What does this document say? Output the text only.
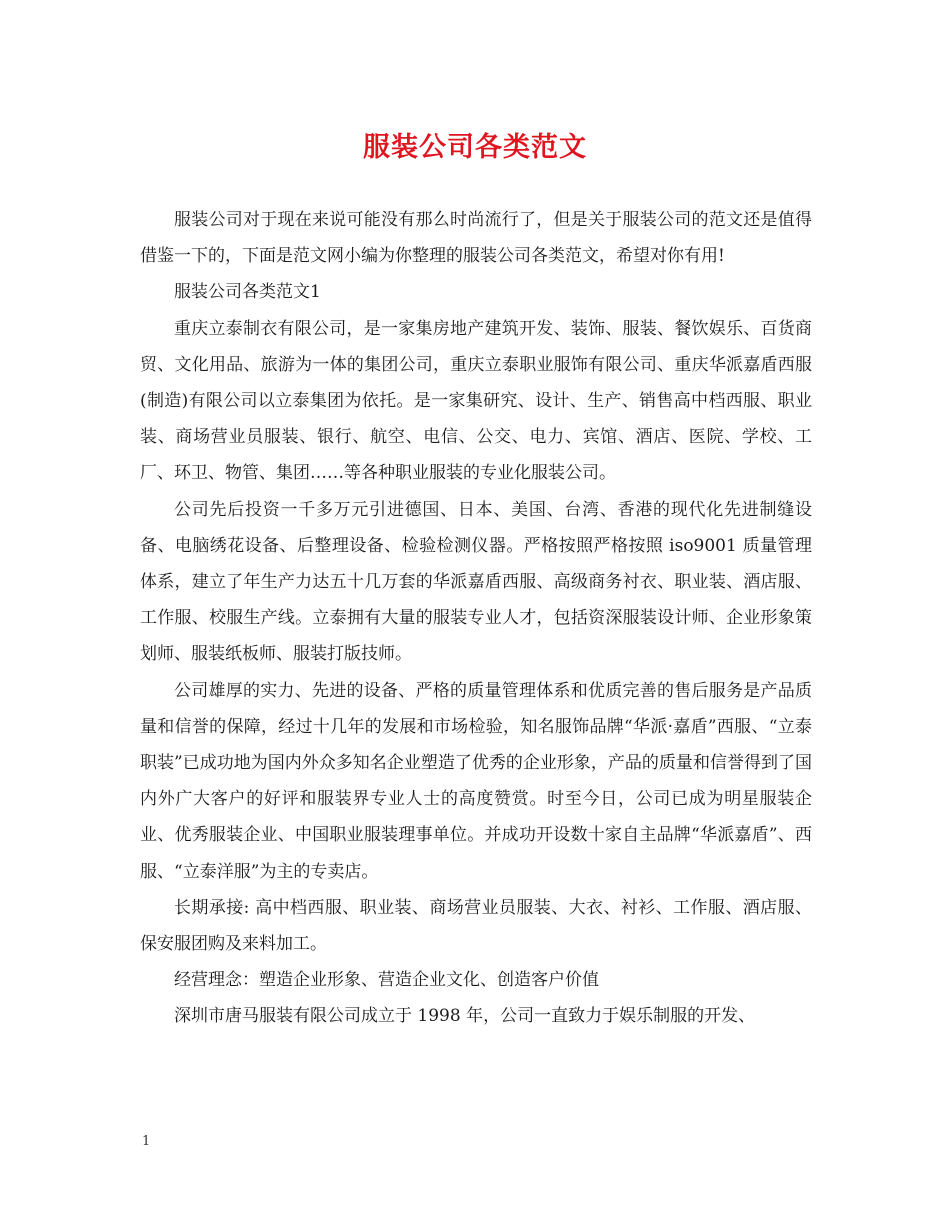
服装公司各类范文

服装公司对于现在来说可能没有那么时尚流行了，但是关于服装公司的范文还是值得借鉴一下的，下面是范文网小编为你整理的服装公司各类范文，希望对你有用!

服装公司各类范文1

重庆立泰制衣有限公司，是一家集房地产建筑开发、装饰、服装、餐饮娱乐、百货商贸、文化用品、旅游为一体的集团公司，重庆立泰职业服饰有限公司、重庆华派嘉盾西服(制造)有限公司以立泰集团为依托。是一家集研究、设计、生产、销售高中档西服、职业装、商场营业员服装、银行、航空、电信、公交、电力、宾馆、酒店、医院、学校、工厂、环卫、物管、集团……等各种职业服装的专业化服装公司。

公司先后投资一千多万元引进德国、日本、美国、台湾、香港的现代化先进制缝设备、电脑绣花设备、后整理设备、检验检测仪器。严格按照严格按照 iso9001 质量管理体系，建立了年生产力达五十几万套的华派嘉盾西服、高级商务衬衣、职业装、酒店服、工作服、校服生产线。立泰拥有大量的服装专业人才，包括资深服装设计师、企业形象策划师、服装纸板师、服装打版技师。

公司雄厚的实力、先进的设备、严格的质量管理体系和优质完善的售后服务是产品质量和信誉的保障，经过十几年的发展和市场检验，知名服饰品牌“华派·嘉盾”西服、“立泰职装”已成功地为国内外众多知名企业塑造了优秀的企业形象，产品的质量和信誉得到了国内外广大客户的好评和服装界专业人士的高度赞赏。时至今日，公司已成为明星服装企业、优秀服装企业、中国职业服装理事单位。并成功开设数十家自主品牌“华派嘉盾”、西服、“立泰洋服”为主的专卖店。

长期承接: 高中档西服、职业装、商场营业员服装、大衣、衬衫、工作服、酒店服、保安服团购及来料加工。

经营理念：塑造企业形象、营造企业文化、创造客户价值

深圳市唐马服装有限公司成立于 1998 年，公司一直致力于娱乐制服的开发、

1
